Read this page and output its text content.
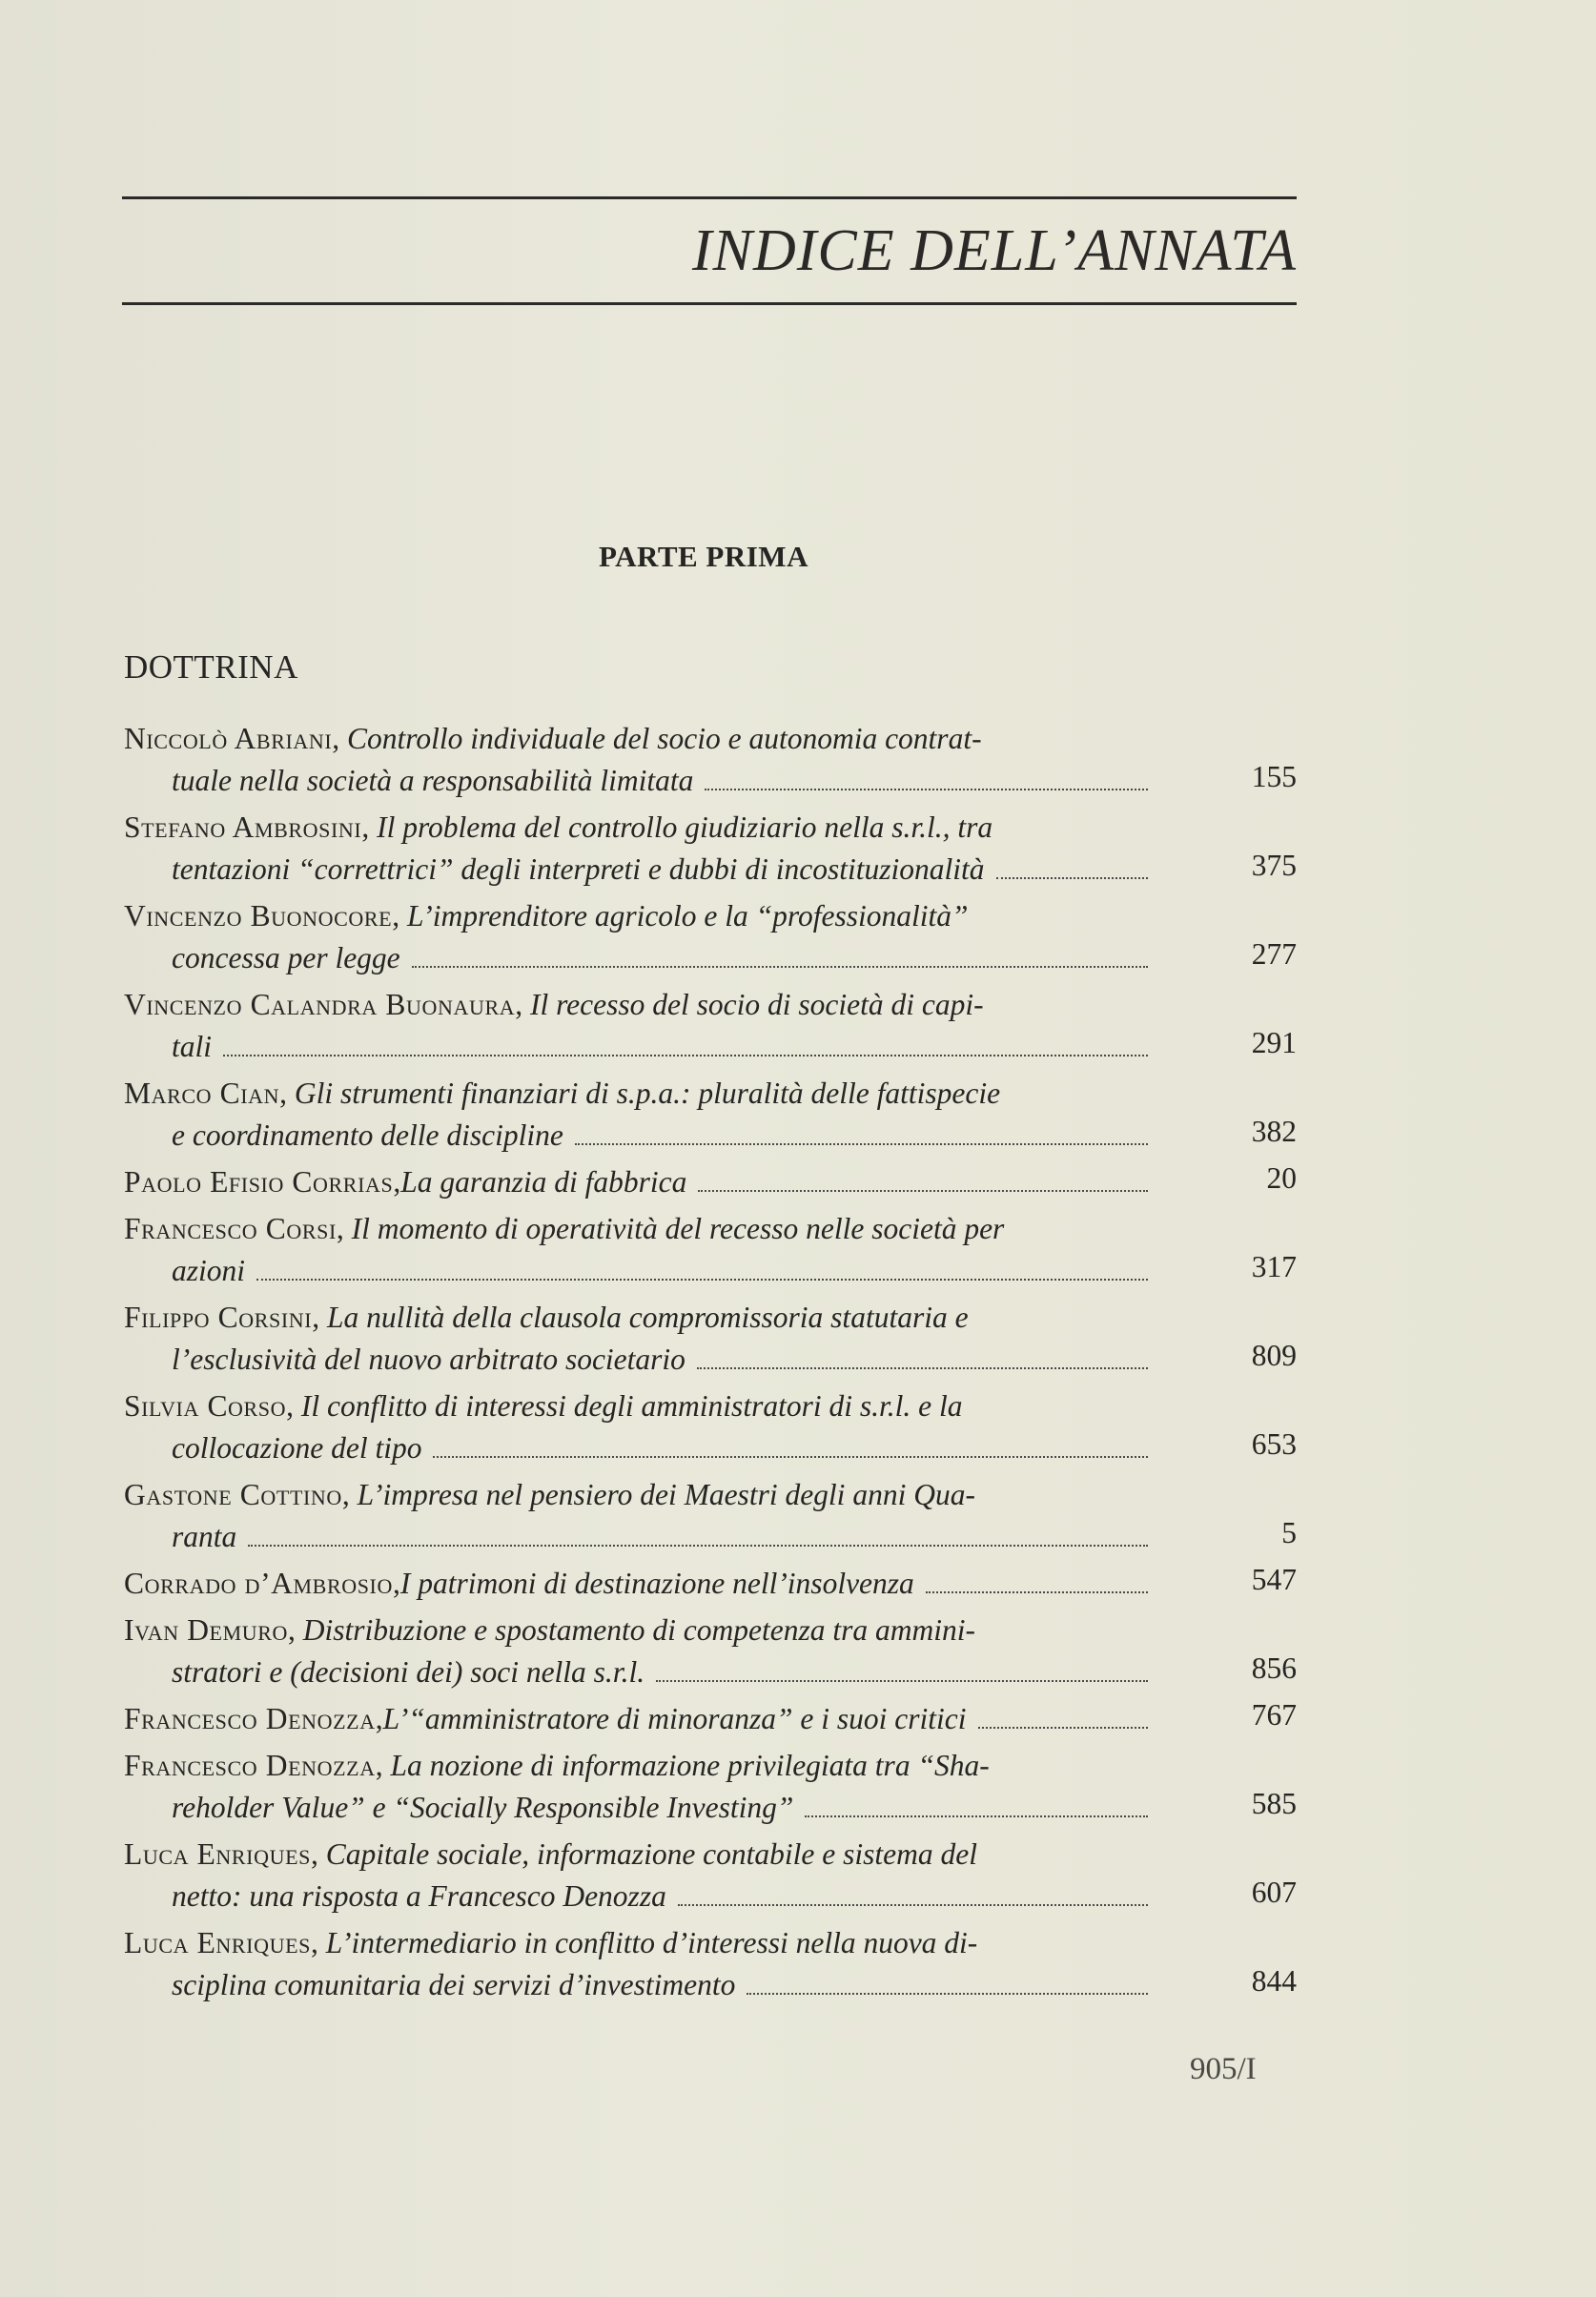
INDICE DELL’ANNATA
PARTE PRIMA
DOTTRINA
Niccolò Abriani, Controllo individuale del socio e autonomia contrat-
tuale nella società a responsabilità limitata	155
Stefano Ambrosini, Il problema del controllo giudiziario nella s.r.l., tra
tentazioni “correttrici” degli interpreti e dubbi di incostituzionalità	375
Vincenzo Buonocore, L’imprenditore agricolo e la “professionalità”
concessa per legge	277
Vincenzo Calandra Buonaura, Il recesso del socio di società di capi-
tali	291
Marco Cian, Gli strumenti finanziari di s.p.a.: pluralità delle fattispecie
e coordinamento delle discipline	382
Paolo Efisio Corrias , La garanzia di fabbrica	20
Francesco Corsi, Il momento di operatività del recesso nelle società per
azioni	317
Filippo Corsini, La nullità della clausola compromissoria statutaria e
l’esclusività del nuovo arbitrato societario	809
Silvia Corso, Il conflitto di interessi degli amministratori di s.r.l. e la
collocazione del tipo	653
Gastone Cottino, L’impresa nel pensiero dei Maestri degli anni Qua-
ranta	5
Corrado d’Ambrosio , I patrimoni di destinazione nell’insolvenza	547
Ivan Demuro, Distribuzione e spostamento di competenza tra ammini-
stratori e (decisioni dei) soci nella s.r.l.	856
Francesco Denozza , L’“amministratore di minoranza” e i suoi critici	767
Francesco Denozza, La nozione di informazione privilegiata tra “Sha-
reholder Value” e “Socially Responsible Investing”	585
Luca Enriques, Capitale sociale, informazione contabile e sistema del
netto: una risposta a Francesco Denozza	607
Luca Enriques, L’intermediario in conflitto d’interessi nella nuova di-
sciplina comunitaria dei servizi d’investimento	844
905/I
